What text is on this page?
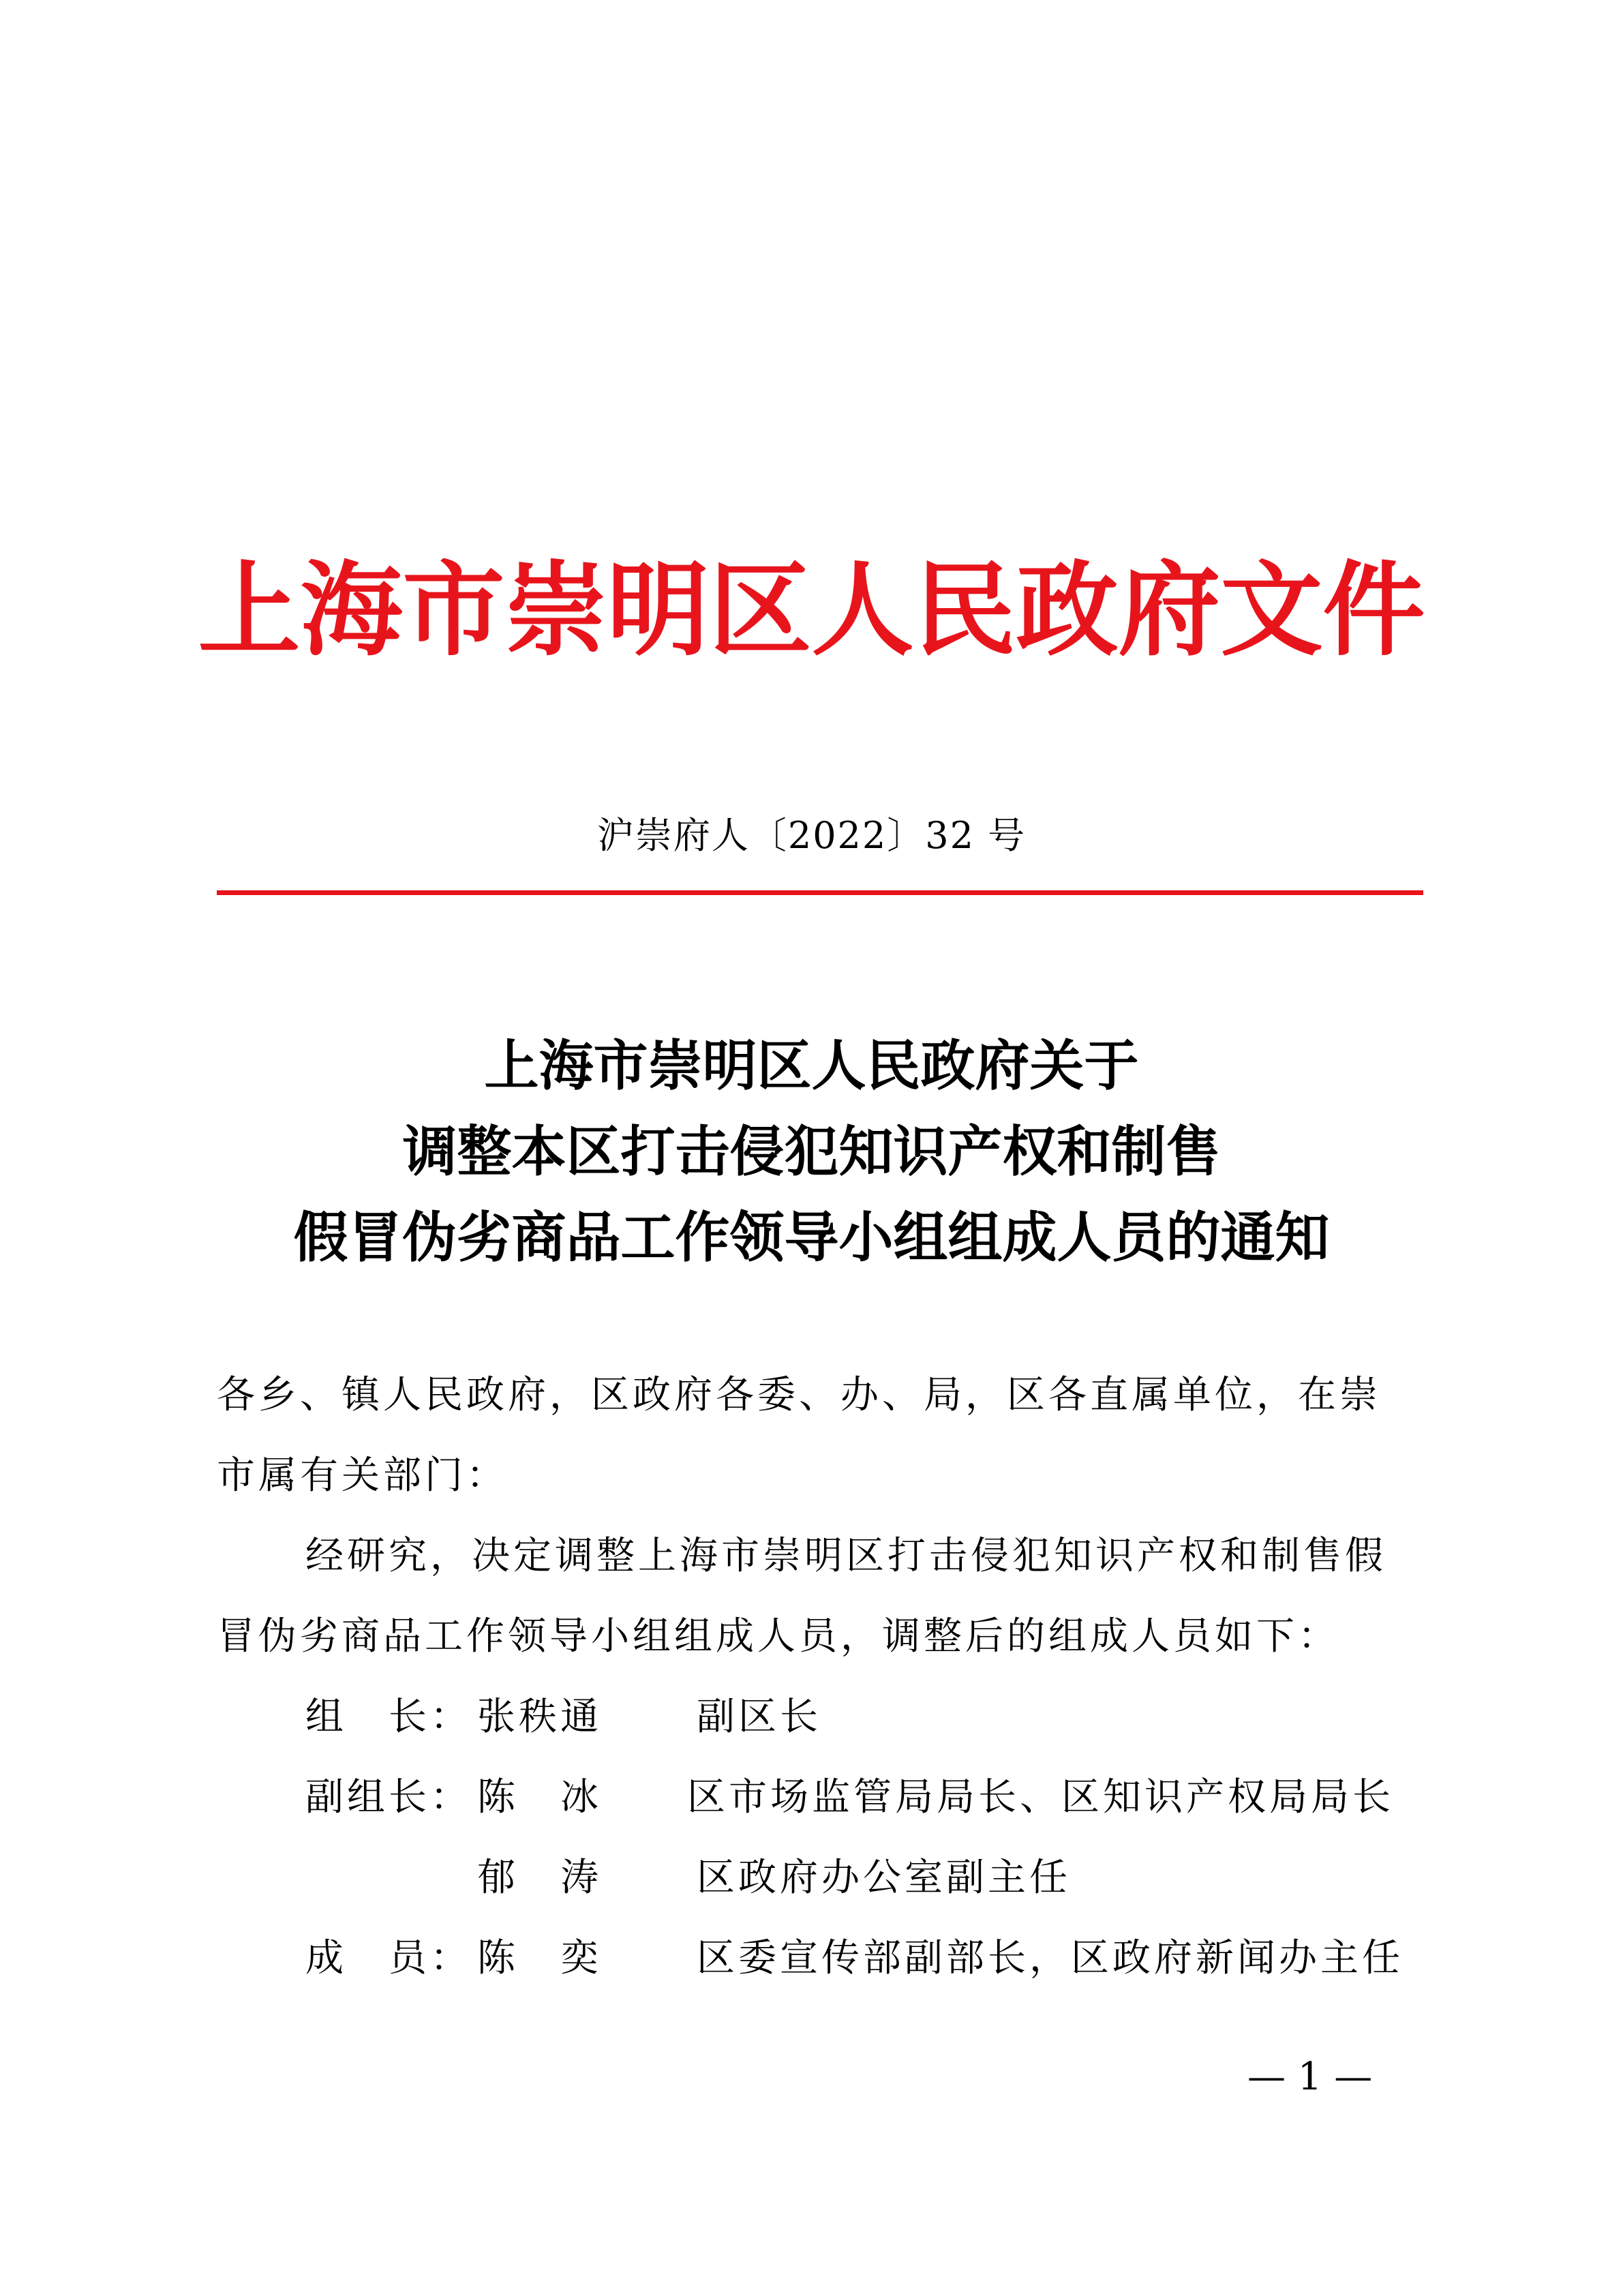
上海市崇明区人民政府文件
沪崇府人〔2022〕32 号
上海市崇明区人民政府关于
调整本区打击侵犯知识产权和制售
假冒伪劣商品工作领导小组组成人员的通知
各乡、镇人民政府，区政府各委、办、局，区各直属单位，在崇
市属有关部门：
经研究，决定调整上海市崇明区打击侵犯知识产权和制售假
冒伪劣商品工作领导小组组成人员，调整后的组成人员如下：
组　长： 张秩通 副区长
副组长： 陈　冰 区市场监管局局长、区知识产权局局长
郁　涛 区政府办公室副主任
成　员： 陈　奕 区委宣传部副部长，区政府新闻办主任
— 1 —
